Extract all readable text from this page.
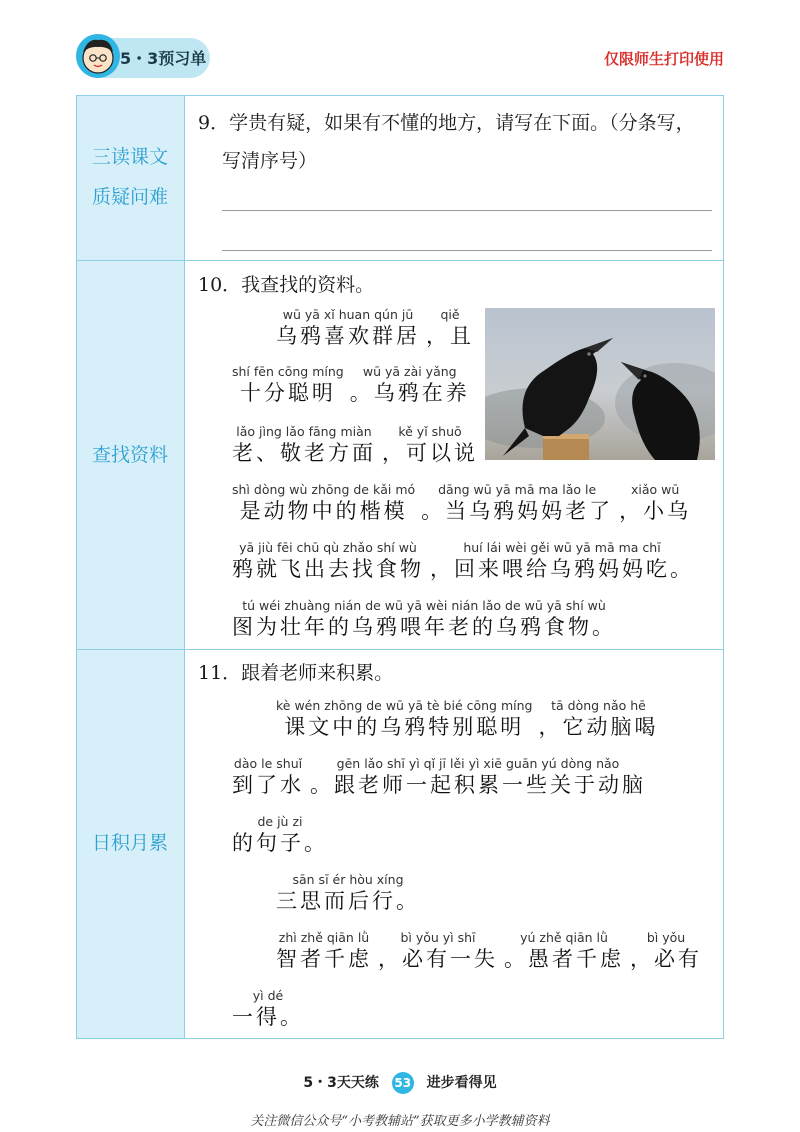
5・3预习单	仅限师生打印使用
三读课文
质疑问难
查找资料
日积月累
9．学贵有疑，如果有不懂的地方，请写在下面。（分条写，
写清序号）
10．我查找的资料。
wū yā xǐ huan qún jū
乌鸦喜欢群居
qiě
，且
shí fēn cōng míng
十分聪明
wū yā zài yǎng
。乌鸦在养
lǎo jìng lǎo fāng miàn
老、敬老方面
kě yǐ shuō
，可以说
shì dòng wù zhōng de kǎi mó
是动物中的楷模
dāng wū yā mā ma lǎo le
。当乌鸦妈妈老了
xiǎo wū
，小乌
yā jiù fēi chū qù zhǎo shí wù
鸦就飞出去找食物
huí lái wèi gěi wū yā mā ma chī
，回来喂给乌鸦妈妈吃。
tú wéi zhuàng nián de wū yā wèi nián lǎo de wū yā shí wù
图为壮年的乌鸦喂年老的乌鸦食物。
11．跟着老师来积累。
kè wén zhōng de wū yā tè bié cōng míng
课文中的乌鸦特别聪明
tā dòng nǎo hē
，它动脑喝
dào le shuǐ
到了水
gēn lǎo shī yì qǐ jī lěi yì xiē guān yú dòng nǎo
。跟老师一起积累一些关于动脑
de jù zi
的句子。
sān sī ér hòu xíng
三思而后行。
zhì zhě qiān lǜ
智者千虑
bì yǒu yì shī
，必有一失
yú zhě qiān lǜ
。愚者千虑
bì yǒu
，必有
yì dé
一得。
5・3天天练 53 进步看得见
关注微信公众号“小考教辅站”获取更多小学教辅资料
